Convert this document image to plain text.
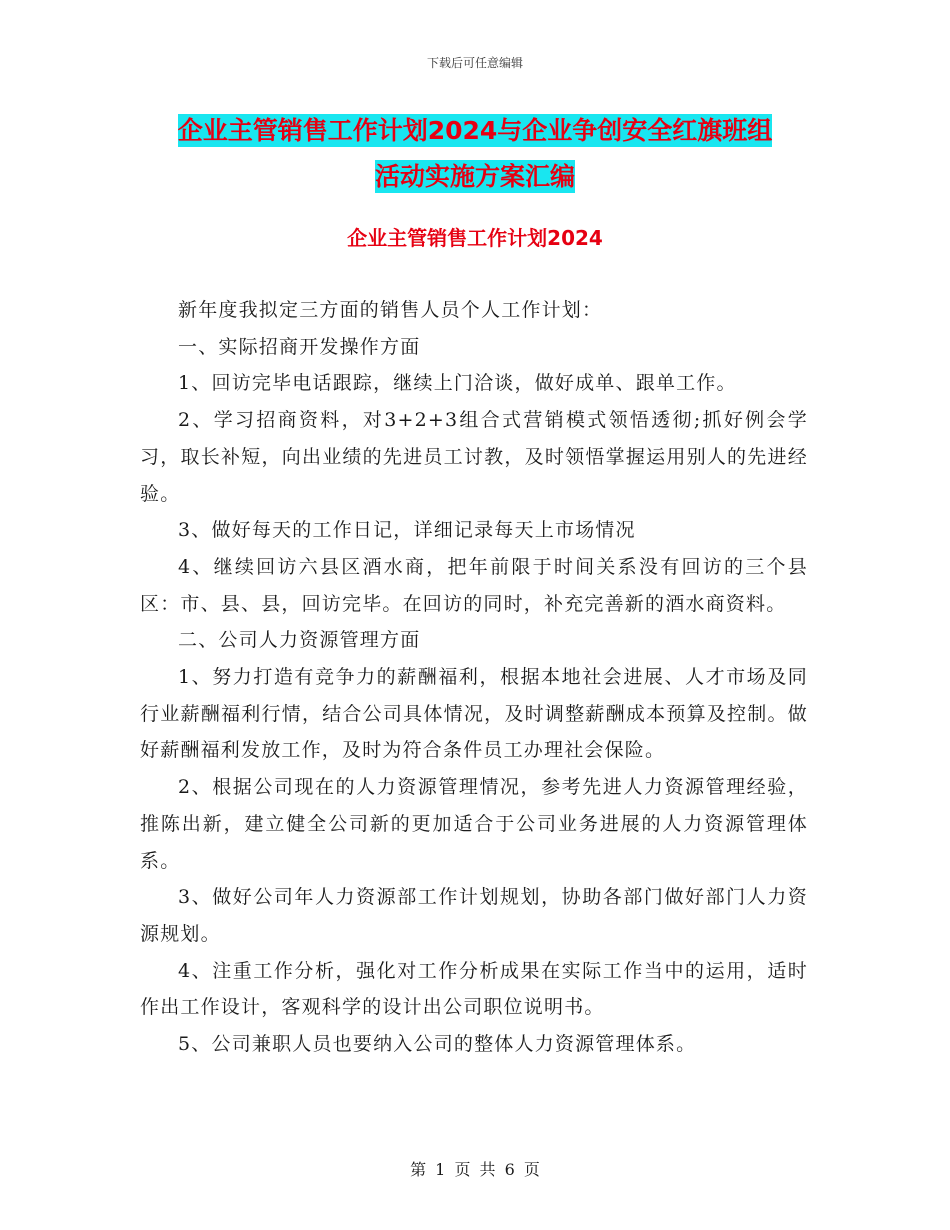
下载后可任意编辑
企业主管销售工作计划2024与企业争创安全红旗班组
活动实施方案汇编
企业主管销售工作计划2024

新年度我拟定三方面的销售人员个人工作计划：

一、实际招商开发操作方面

1、回访完毕电话跟踪，继续上门洽谈，做好成单、跟单工作。

2、学习招商资料，对3+2+3组合式营销模式领悟透彻;抓好例会学习，取长补短，向出业绩的先进员工讨教，及时领悟掌握运用别人的先进经验。

3、做好每天的工作日记，详细记录每天上市场情况

4、继续回访六县区酒水商，把年前限于时间关系没有回访的三个县区：市、县、县，回访完毕。在回访的同时，补充完善新的酒水商资料。

二、公司人力资源管理方面

1、努力打造有竞争力的薪酬福利，根据本地社会进展、人才市场及同行业薪酬福利行情，结合公司具体情况，及时调整薪酬成本预算及控制。做好薪酬福利发放工作，及时为符合条件员工办理社会保险。

2、根据公司现在的人力资源管理情况，参考先进人力资源管理经验，推陈出新，建立健全公司新的更加适合于公司业务进展的人力资源管理体系。

3、做好公司年人力资源部工作计划规划，协助各部门做好部门人力资源规划。

4、注重工作分析，强化对工作分析成果在实际工作当中的运用，适时作出工作设计，客观科学的设计出公司职位说明书。

5、公司兼职人员也要纳入公司的整体人力资源管理体系。

第 1 页 共 6 页
